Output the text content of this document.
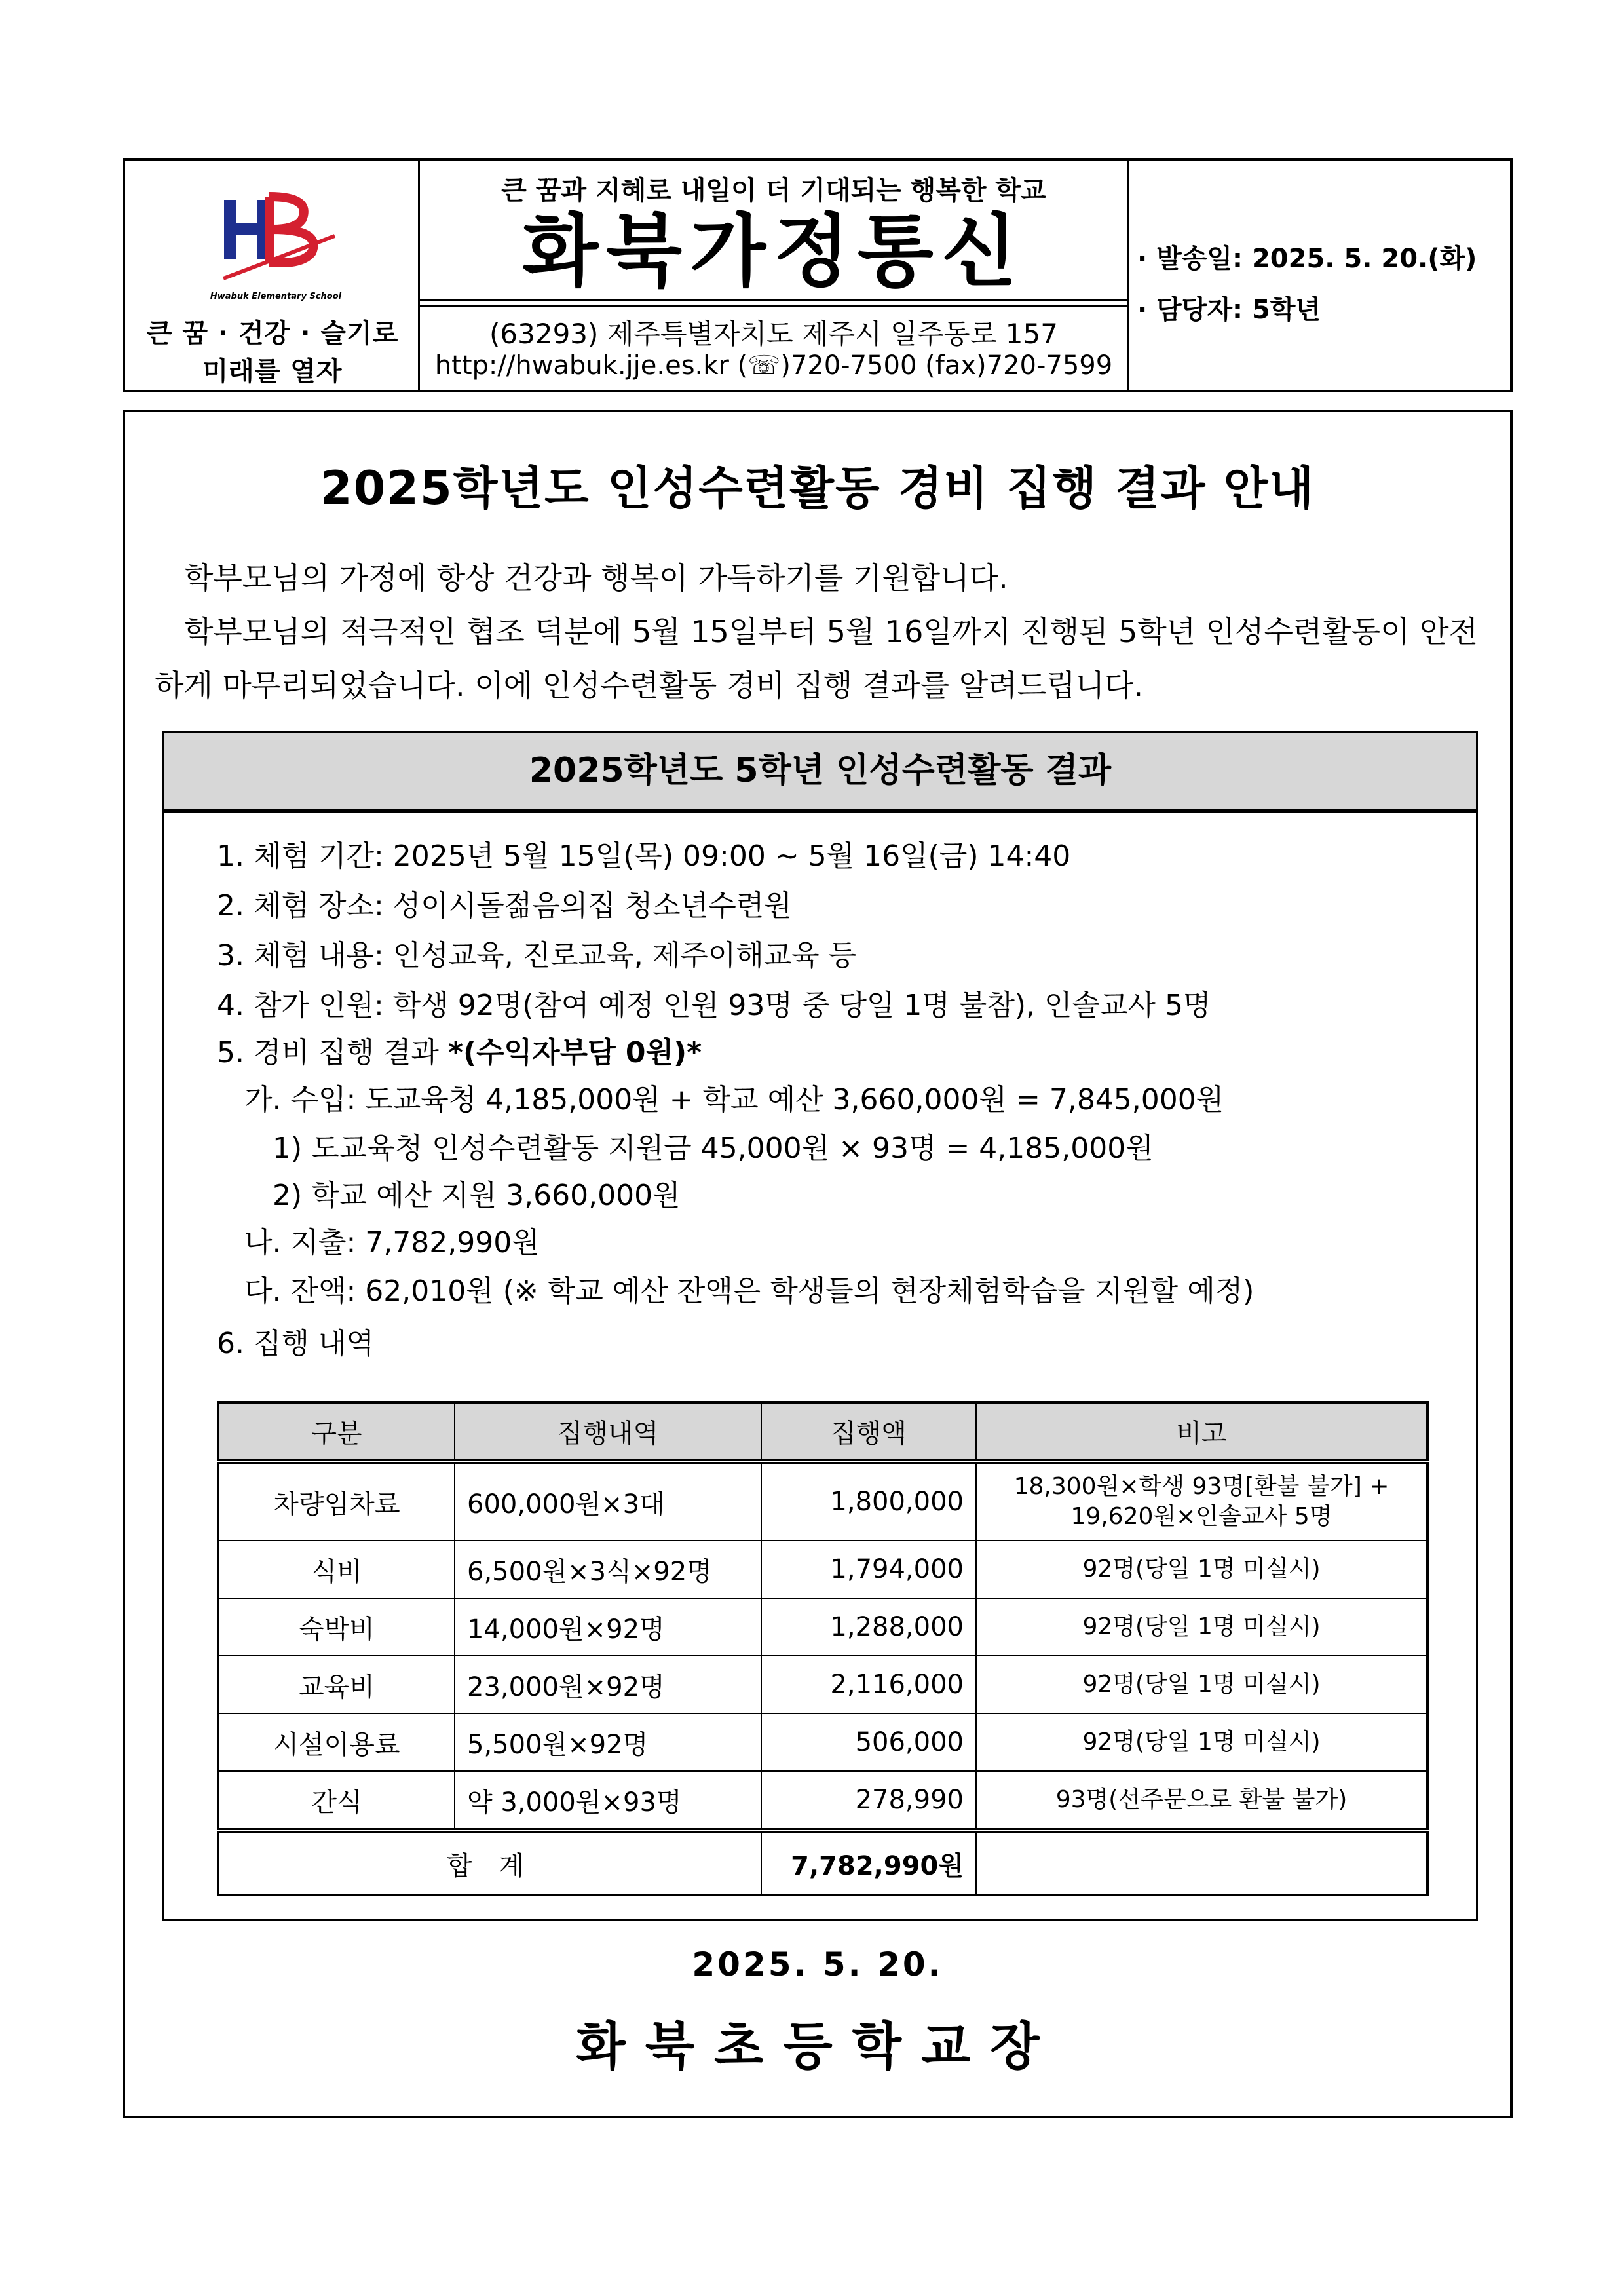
Hwabuk Elementary School
큰 꿈 · 건강 · 슬기로
미래를 열자
큰 꿈과 지혜로 내일이 더 기대되는 행복한 학교
화북가정통신
(63293) 제주특별자치도 제주시 일주동로 157
http://hwabuk.jje.es.kr (☏)720-7500 (fax)720-7599
· 발송일: 2025. 5. 20.(화)
· 담당자: 5학년
2025학년도 인성수련활동 경비 집행 결과 안내
학부모님의 가정에 항상 건강과 행복이 가득하기를 기원합니다.
학부모님의 적극적인 협조 덕분에 5월 15일부터 5월 16일까지 진행된 5학년 인성수련활동이 안전하게 마무리되었습니다. 이에 인성수련활동 경비 집행 결과를 알려드립니다.
2025학년도 5학년 인성수련활동 결과
1. 체험 기간: 2025년 5월 15일(목) 09:00 ~ 5월 16일(금) 14:40
2. 체험 장소: 성이시돌젊음의집 청소년수련원
3. 체험 내용: 인성교육, 진로교육, 제주이해교육 등
4. 참가 인원: 학생 92명(참여 예정 인원 93명 중 당일 1명 불참), 인솔교사 5명
5. 경비 집행 결과 *(수익자부담 0원)*
가. 수입: 도교육청 4,185,000원 + 학교 예산 3,660,000원 = 7,845,000원
1) 도교육청 인성수련활동 지원금 45,000원 × 93명 = 4,185,000원
2) 학교 예산 지원 3,660,000원
나. 지출: 7,782,990원
다. 잔액: 62,010원 (※ 학교 예산 잔액은 학생들의 현장체험학습을 지원할 예정)
6. 집행 내역
구분	집행내역	집행액	비고
차량임차료	600,000원×3대	1,800,000	18,300원×학생 93명[환불 불가] +
19,620원×인솔교사 5명

식비	6,500원×3식×92명	1,794,000	92명(당일 1명 미실시)
숙박비	14,000원×92명	1,288,000	92명(당일 1명 미실시)
교육비	23,000원×92명	2,116,000	92명(당일 1명 미실시)
시설이용료	5,500원×92명	506,000	92명(당일 1명 미실시)
간식	약 3,000원×93명	278,990	93명(선주문으로 환불 불가)
합 계		7,782,990원	
2025. 5. 20.
화북초등학교장
